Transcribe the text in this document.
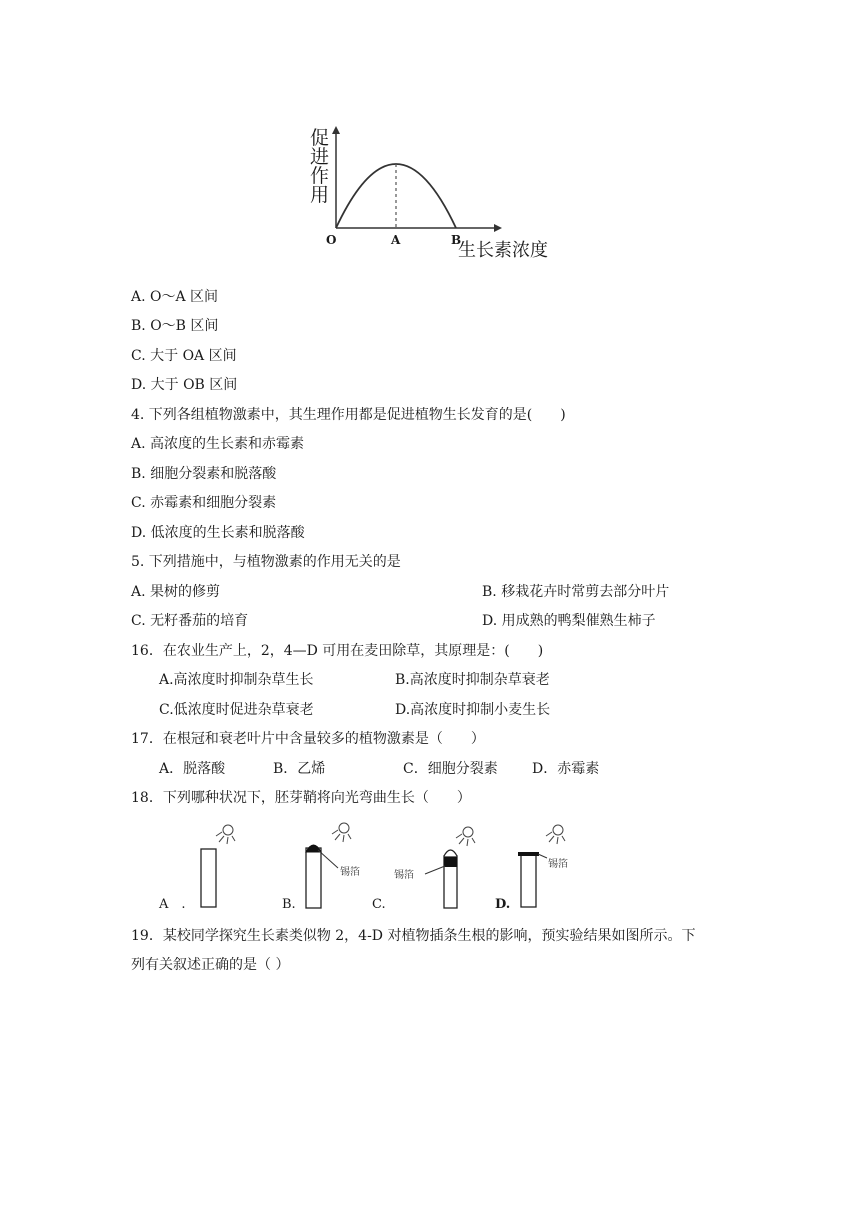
促
进
作
用
O	A	B
生长素浓度
A. O～A 区间
B. O～B 区间
C. 大于 OA 区间
D. 大于 OB 区间
4. 下列各组植物激素中，其生理作用都是促进植物生长发育的是(　　)
A. 高浓度的生长素和赤霉素
B. 细胞分裂素和脱落酸
C. 赤霉素和细胞分裂素
D. 低浓度的生长素和脱落酸
5. 下列措施中，与植物激素的作用无关的是
A. 果树的修剪	B. 移栽花卉时常剪去部分叶片
C. 无籽番茄的培育	D. 用成熟的鸭梨催熟生柿子
16．在农业生产上，2，4—D 可用在麦田除草，其原理是：(　　)
A.高浓度时抑制杂草生长	B.高浓度时抑制杂草衰老
C.低浓度时促进杂草衰老	D.高浓度时抑制小麦生长
17．在根冠和衰老叶片中含量较多的植物激素是（　　）
A．脱落酸	B．乙烯	C．细胞分裂素 D．赤霉素
18．下列哪种状况下，胚芽鞘将向光弯曲生长（　　）
锡箔	锡箔
锡箔
A　.	B.	C.	D.
19．某校同学探究生长素类似物 2，4-D 对植物插条生根的影响，预实验结果如图所示。下
列有关叙述正确的是（ ）
